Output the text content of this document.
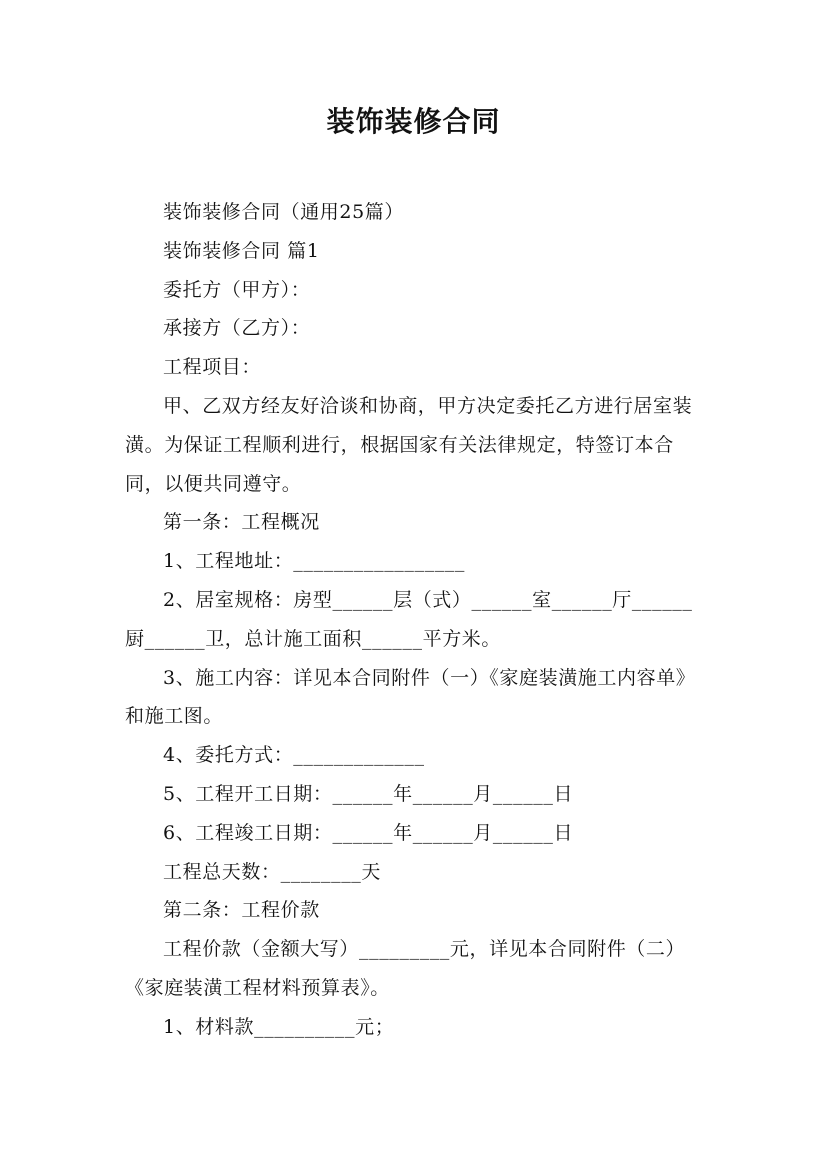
装饰装修合同

装饰装修合同（通用25篇）

装饰装修合同 篇1

委托方（甲方）：

承接方（乙方）：

工程项目：

甲、乙双方经友好洽谈和协商，甲方决定委托乙方进行居室装潢。为保证工程顺利进行，根据国家有关法律规定，特签订本合同，以便共同遵守。

第一条：工程概况

1、工程地址：_________________

2、居室规格：房型______层（式）______室______厅______厨______卫，总计施工面积______平方米。

3、施工内容：详见本合同附件（一）《家庭装潢施工内容单》和施工图。

4、委托方式：_____________

5、工程开工日期：______年______月______日

6、工程竣工日期：______年______月______日

工程总天数：________天

第二条：工程价款

工程价款（金额大写）_________元，详见本合同附件（二）《家庭装潢工程材料预算表》。

1、材料款__________元；
